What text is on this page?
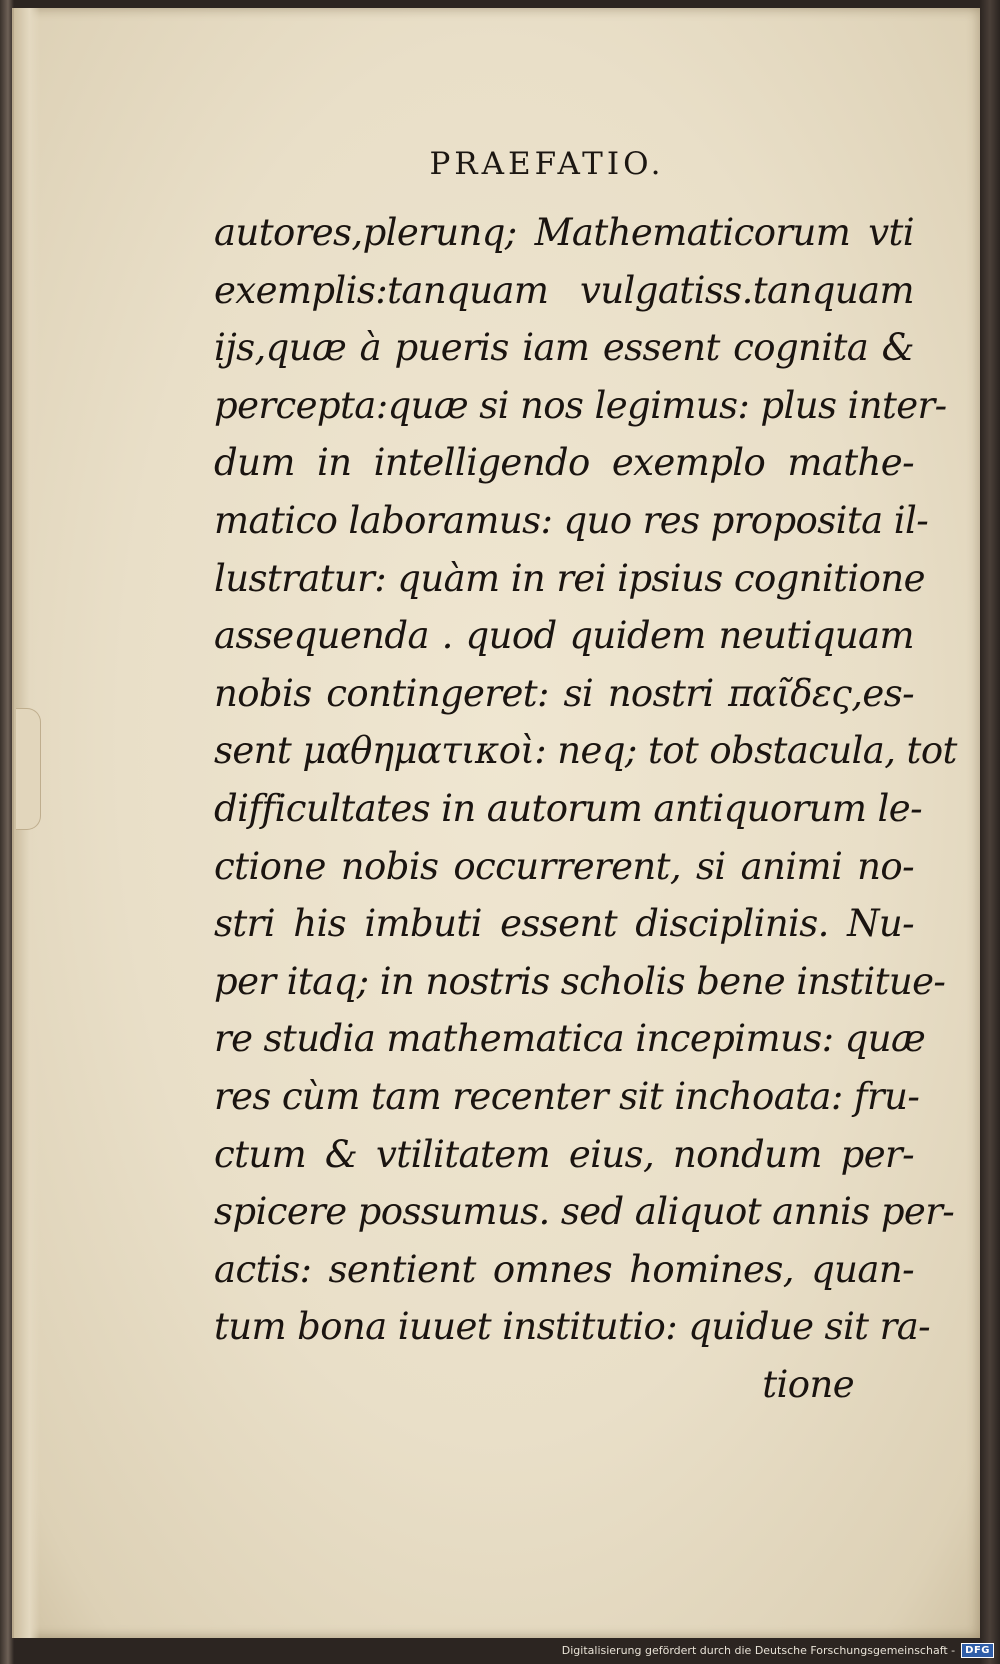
PRAEFATIO.
autores,plerunq; Mathematicorum vti
exemplis:tanquam vulgatiss.tanquam
ijs,quæ à pueris iam essent cognita &
percepta:quæ si nos legimus: plus inter-
dum in intelligendo exemplo mathe-
matico laboramus: quo res proposita il-
lustratur: quàm in rei ipsius cognitione
assequenda . quod quidem neutiquam
nobis contingeret: si nostri παῖδες,es-
sent μαθηματικοὶ: neq; tot obstacula, tot
difficultates in autorum antiquorum le-
ctione nobis occurrerent, si animi no-
stri his imbuti essent disciplinis. Nu-
per itaq; in nostris scholis bene institue-
re studia mathematica incepimus: quæ
res cùm tam recenter sit inchoata: fru-
ctum & vtilitatem eius, nondum per-
spicere possumus. sed aliquot annis per-
actis: sentient omnes homines, quan-
tum bona iuuet institutio: quidue sit ra-
tione
Digitalisierung gefördert durch die Deutsche Forschungsgemeinschaft -	DFG
